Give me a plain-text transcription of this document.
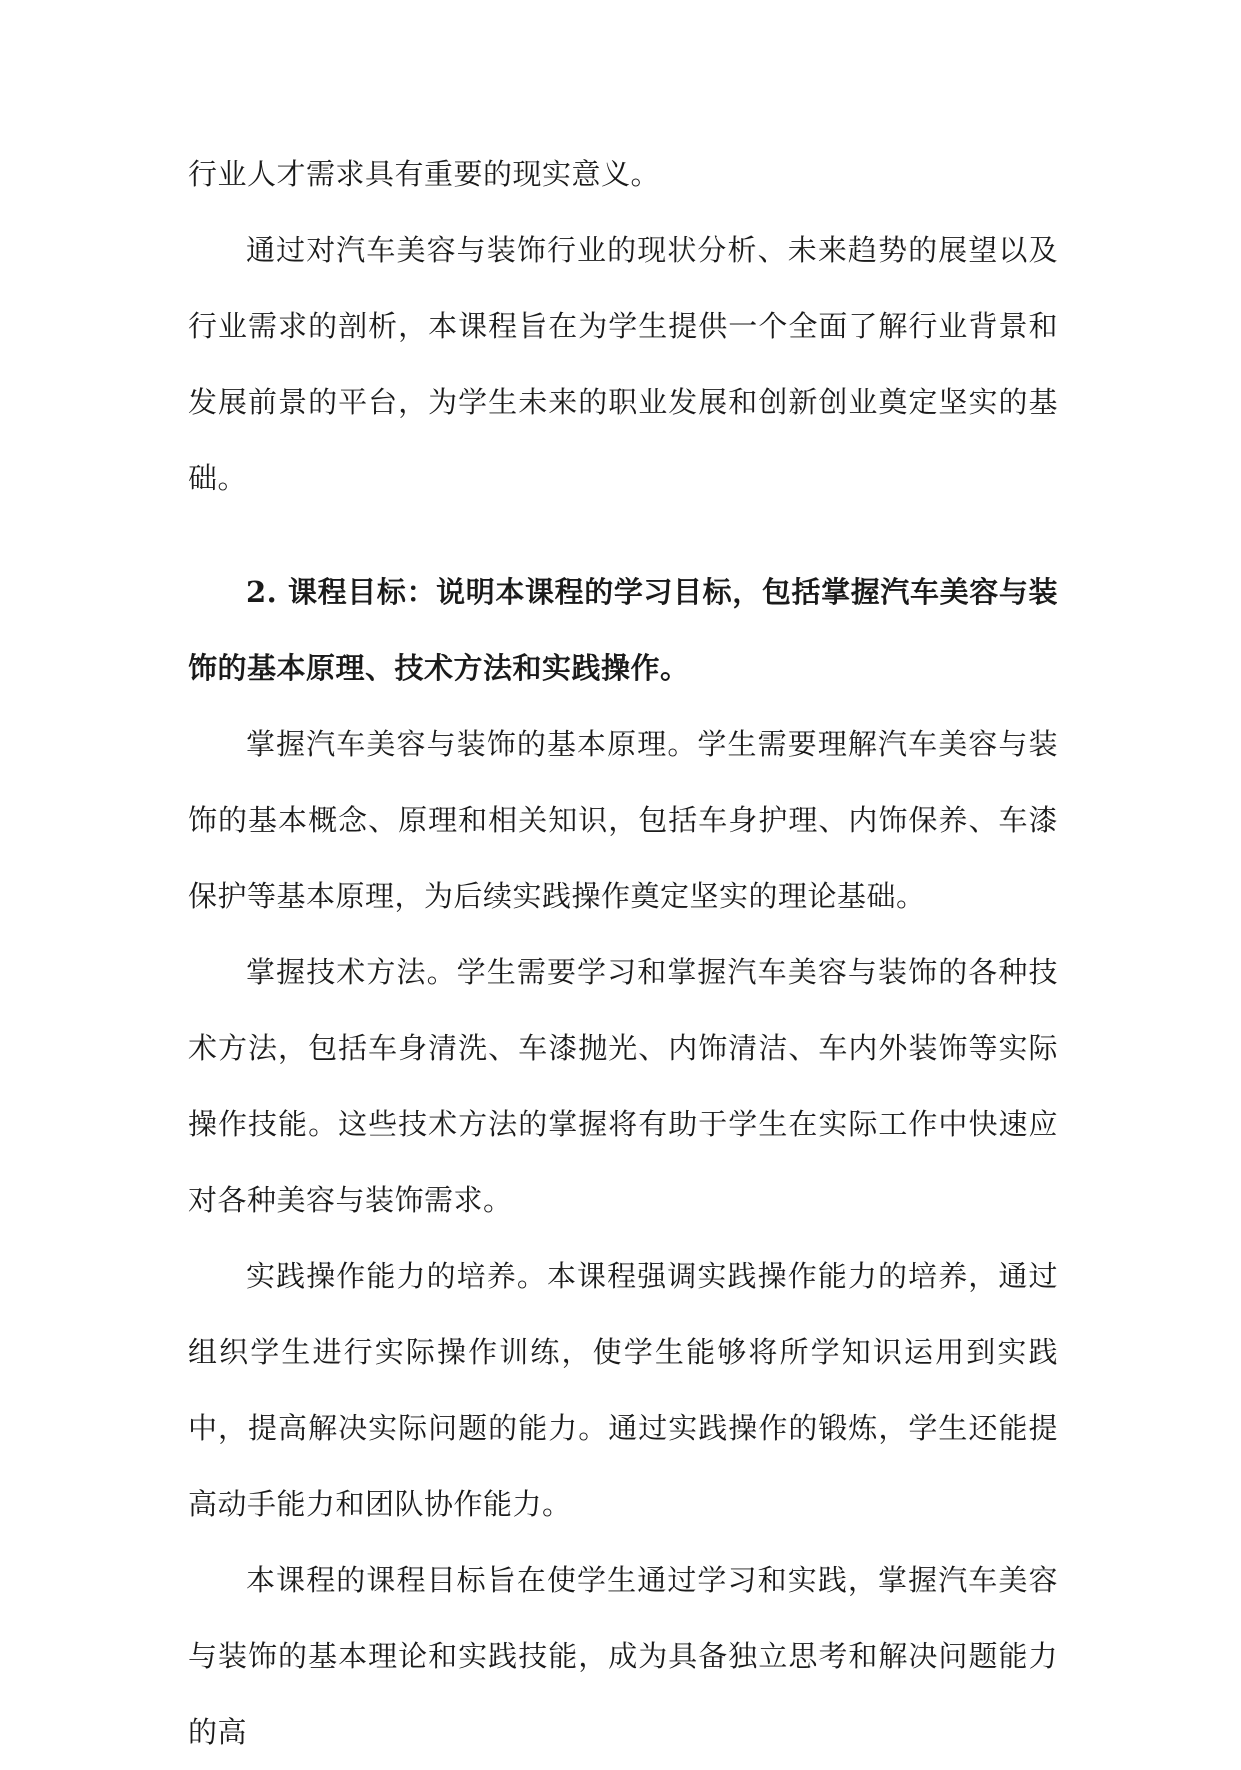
行业人才需求具有重要的现实意义。

通过对汽车美容与装饰行业的现状分析、未来趋势的展望以及行业需求的剖析，本课程旨在为学生提供一个全面了解行业背景和发展前景的平台，为学生未来的职业发展和创新创业奠定坚实的基础。

2. 课程目标：说明本课程的学习目标，包括掌握汽车美容与装饰的基本原理、技术方法和实践操作。

掌握汽车美容与装饰的基本原理。学生需要理解汽车美容与装饰的基本概念、原理和相关知识，包括车身护理、内饰保养、车漆保护等基本原理，为后续实践操作奠定坚实的理论基础。

掌握技术方法。学生需要学习和掌握汽车美容与装饰的各种技术方法，包括车身清洗、车漆抛光、内饰清洁、车内外装饰等实际操作技能。这些技术方法的掌握将有助于学生在实际工作中快速应对各种美容与装饰需求。

实践操作能力的培养。本课程强调实践操作能力的培养，通过组织学生进行实际操作训练，使学生能够将所学知识运用到实践中，提高解决实际问题的能力。通过实践操作的锻炼，学生还能提高动手能力和团队协作能力。

本课程的课程目标旨在使学生通过学习和实践，掌握汽车美容与装饰的基本理论和实践技能，成为具备独立思考和解决问题能力的高
